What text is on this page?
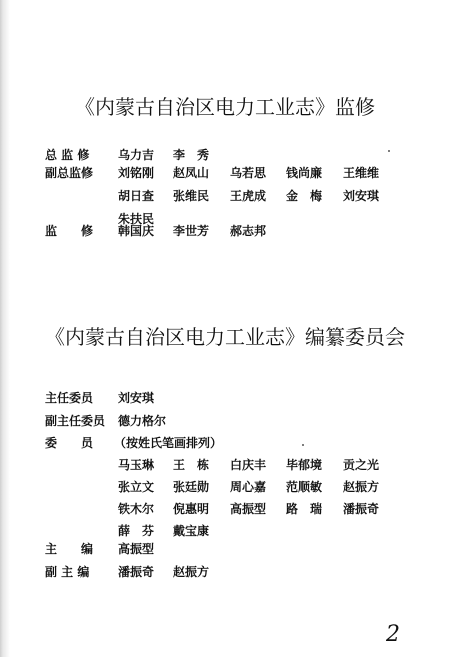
《内蒙古自治区电力工业志》监修
总 监 修 乌力吉 李　秀
副总监修 刘铭刚 赵凤山 乌若思 钱尚廉 王维维
胡日查 张维民 王虎成 金　梅 刘安琪
朱扶民
监　　修 韩国庆 李世芳 郝志邦
《内蒙古自治区电力工业志》编纂委员会
主任委员 刘安琪
副主任委员 德力格尔
委　　员 （按姓氏笔画排列）
马玉琳 王　栋 白庆丰 毕郁境 贡之光
张立文 张廷勋 周心嘉 范顺敏 赵振方
铁木尔 倪惠明 高振型 路　瑞 潘振奇
薛　芬 戴宝康
主　　编 高振型
副 主 编 潘振奇 赵振方
2
